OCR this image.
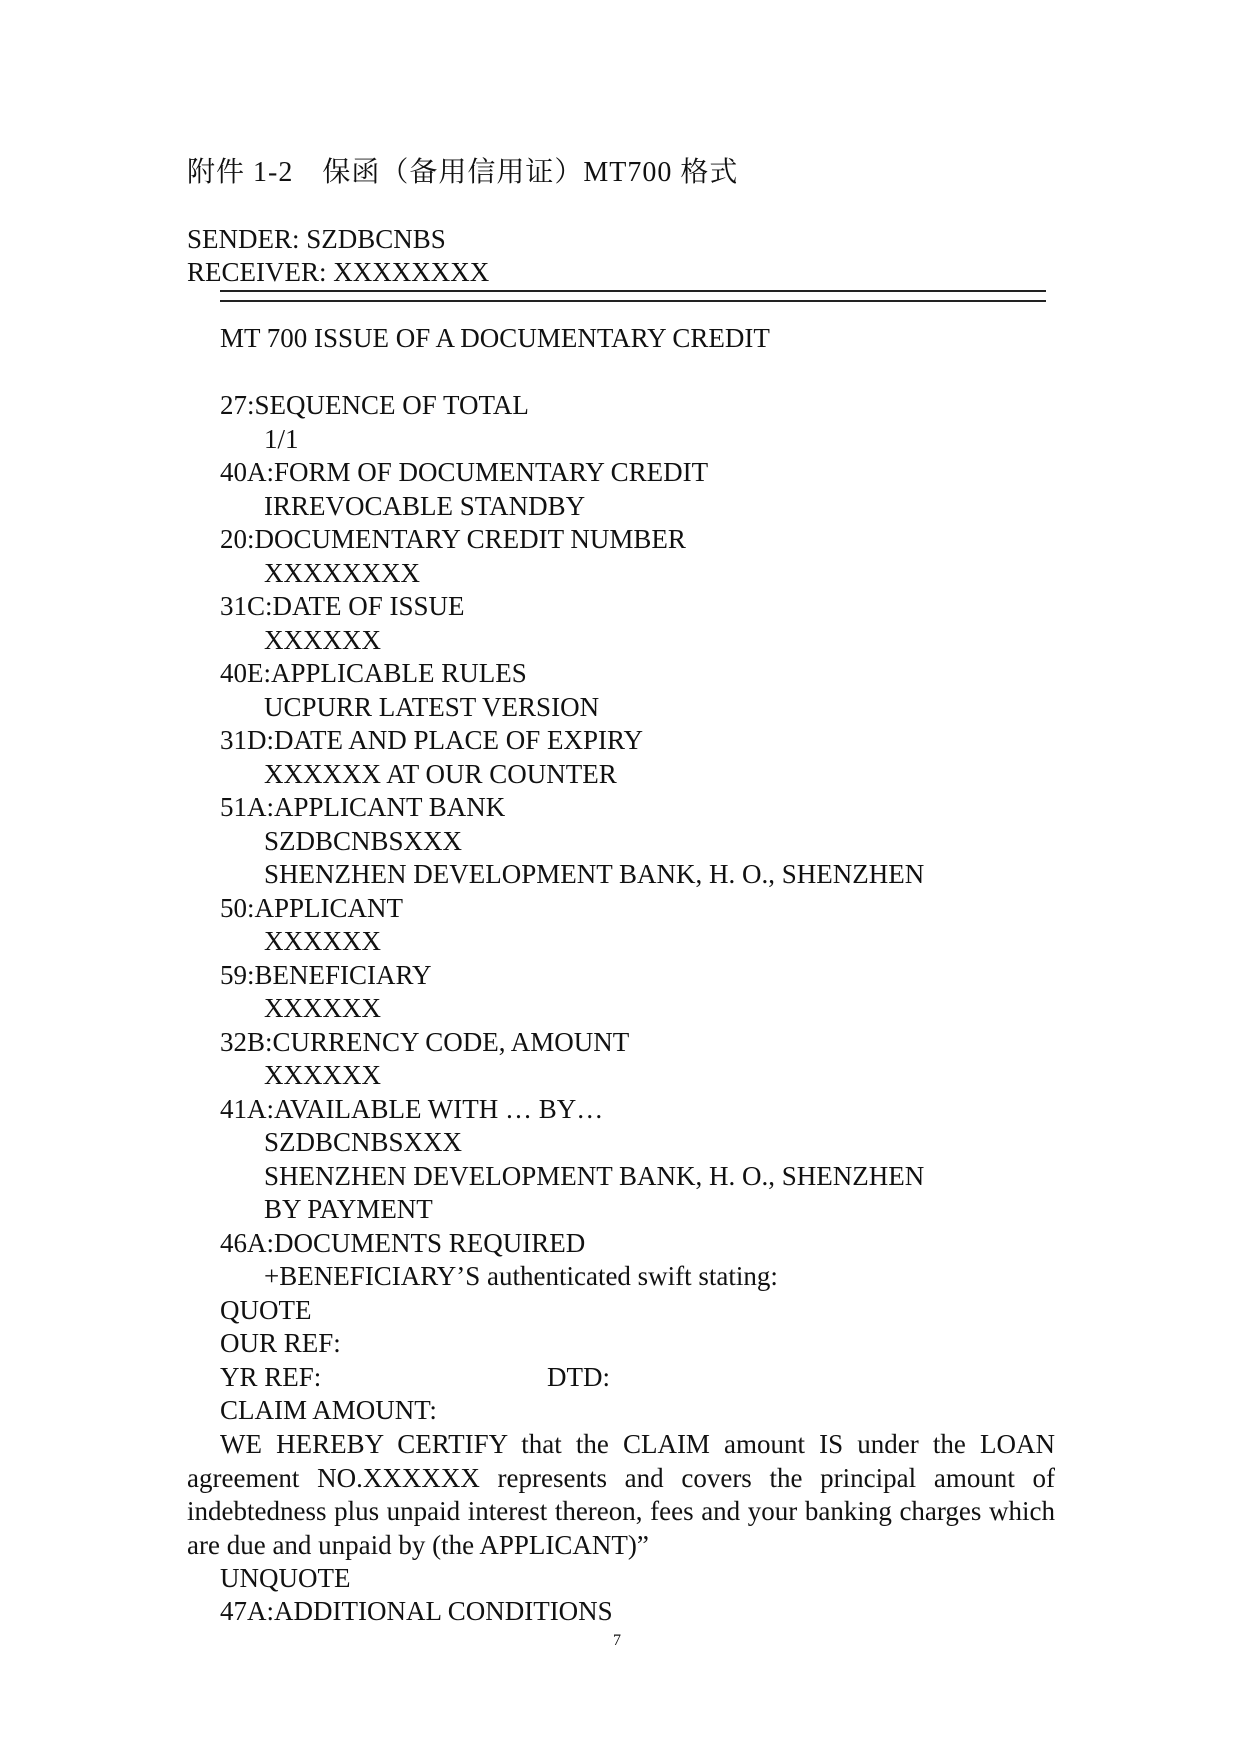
附件 1-2　保函（备用信用证）MT700 格式
SENDER: SZDBCNBS
RECEIVER: XXXXXXXX
MT 700 ISSUE OF A DOCUMENTARY CREDIT
27:SEQUENCE OF TOTAL
1/1
40A:FORM OF DOCUMENTARY CREDIT
IRREVOCABLE STANDBY
20:DOCUMENTARY CREDIT NUMBER
XXXXXXXX
31C:DATE OF ISSUE
XXXXXX
40E:APPLICABLE RULES
UCPURR LATEST VERSION
31D:DATE AND PLACE OF EXPIRY
XXXXXX AT OUR COUNTER
51A:APPLICANT BANK
SZDBCNBSXXX
SHENZHEN DEVELOPMENT BANK, H. O., SHENZHEN
50:APPLICANT
XXXXXX
59:BENEFICIARY
XXXXXX
32B:CURRENCY CODE, AMOUNT
XXXXXX
41A:AVAILABLE WITH … BY…
SZDBCNBSXXX
SHENZHEN DEVELOPMENT BANK, H. O., SHENZHEN
BY PAYMENT
46A:DOCUMENTS REQUIRED
+BENEFICIARY’S authenticated swift stating:
QUOTE
OUR REF:
YR REF:	DTD:
CLAIM AMOUNT:
WE HEREBY CERTIFY that the CLAIM amount IS under the LOAN agreement NO.XXXXXX represents and covers the principal amount of indebtedness plus unpaid interest thereon, fees and your banking charges which are due and unpaid by (the APPLICANT)”
UNQUOTE
47A:ADDITIONAL CONDITIONS
7
